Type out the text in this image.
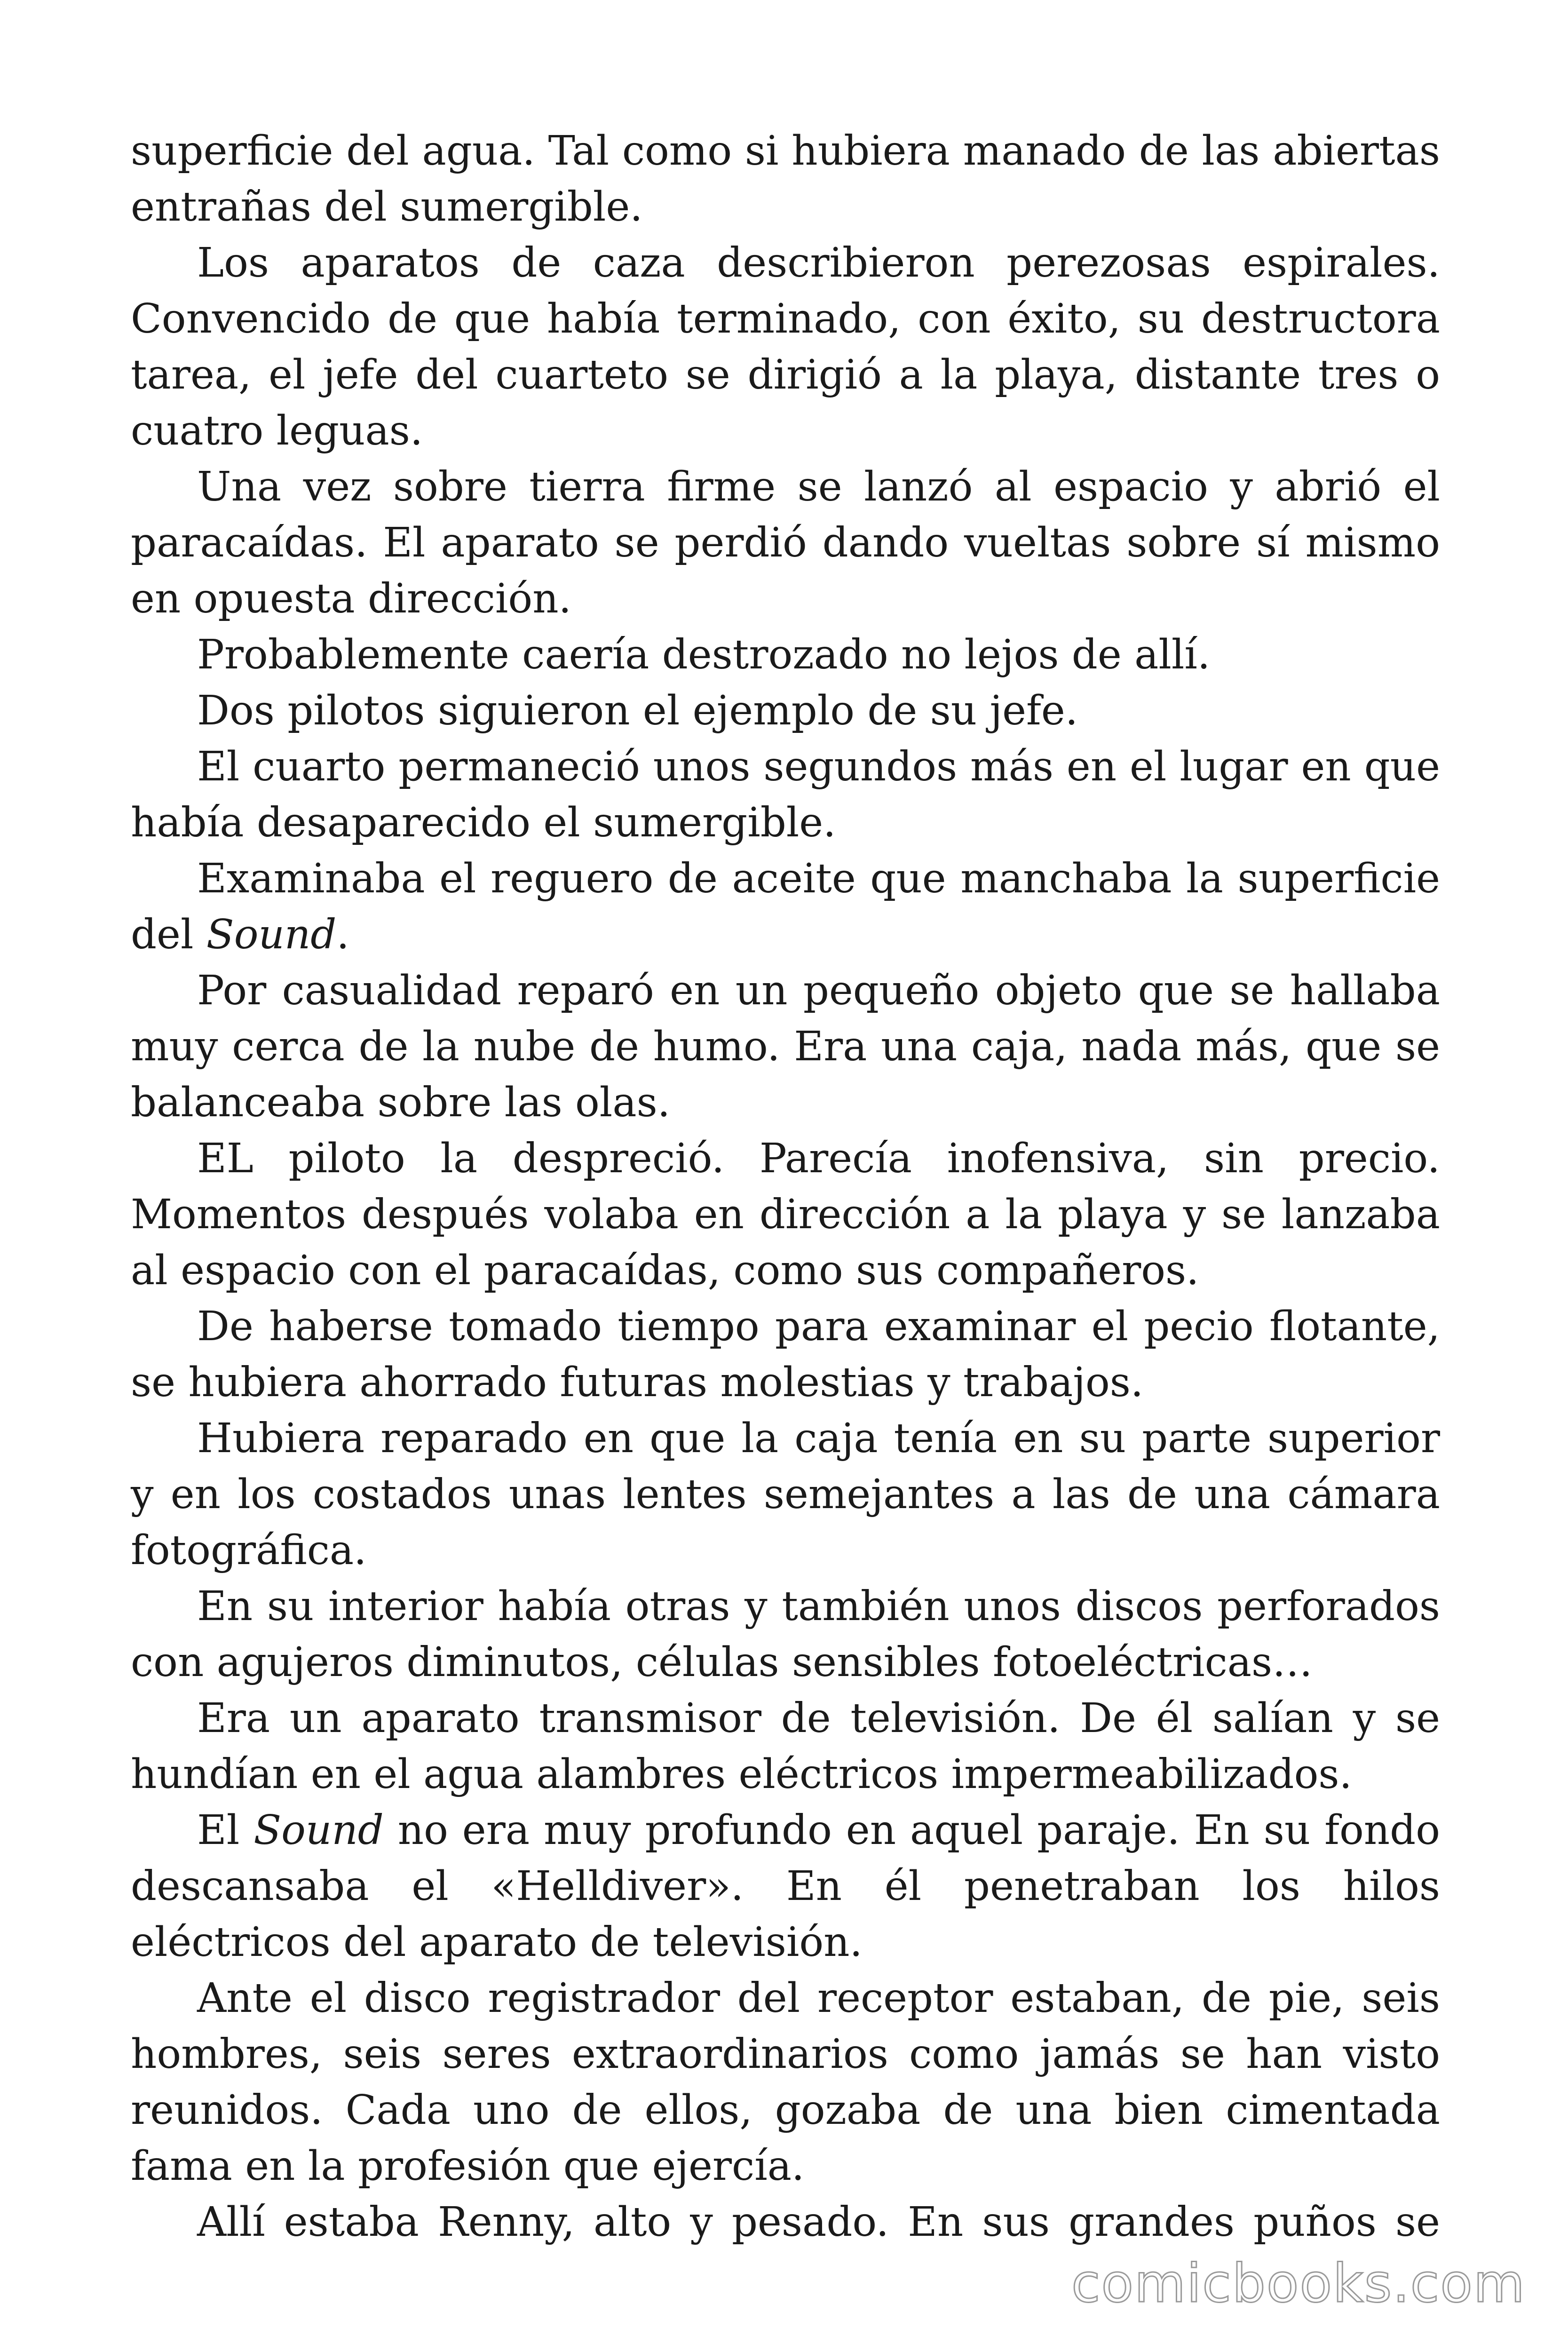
superficie del agua. Tal como si hubiera manado de las abiertas entrañas del sumergible.

Los aparatos de caza describieron perezosas espirales. Convencido de que había terminado, con éxito, su destructora tarea, el jefe del cuarteto se dirigió a la playa, distante tres o cuatro leguas.

Una vez sobre tierra firme se lanzó al espacio y abrió el paracaídas. El aparato se perdió dando vueltas sobre sí mismo en opuesta dirección.

Probablemente caería destrozado no lejos de allí.

Dos pilotos siguieron el ejemplo de su jefe.

El cuarto permaneció unos segundos más en el lugar en que había desaparecido el sumergible.

Examinaba el reguero de aceite que manchaba la superficie del Sound.

Por casualidad reparó en un pequeño objeto que se hallaba muy cerca de la nube de humo. Era una caja, nada más, que se balanceaba sobre las olas.

EL piloto la despreció. Parecía inofensiva, sin precio. Momentos después volaba en dirección a la playa y se lanzaba al espacio con el paracaídas, como sus compañeros.

De haberse tomado tiempo para examinar el pecio flotante, se hubiera ahorrado futuras molestias y trabajos.

Hubiera reparado en que la caja tenía en su parte superior y en los costados unas lentes semejantes a las de una cámara fotográfica.

En su interior había otras y también unos discos perforados con agujeros diminutos, células sensibles fotoeléctricas…

Era un aparato transmisor de televisión. De él salían y se hundían en el agua alambres eléctricos impermeabilizados.

El Sound no era muy profundo en aquel paraje. En su fondo descansaba el «Helldiver». En él penetraban los hilos eléctricos del aparato de televisión.

Ante el disco registrador del receptor estaban, de pie, seis hombres, seis seres extraordinarios como jamás se han visto reunidos. Cada uno de ellos, gozaba de una bien cimentada fama en la profesión que ejercía.

Allí estaba Renny, alto y pesado. En sus grandes puños se

comicbooks.com
